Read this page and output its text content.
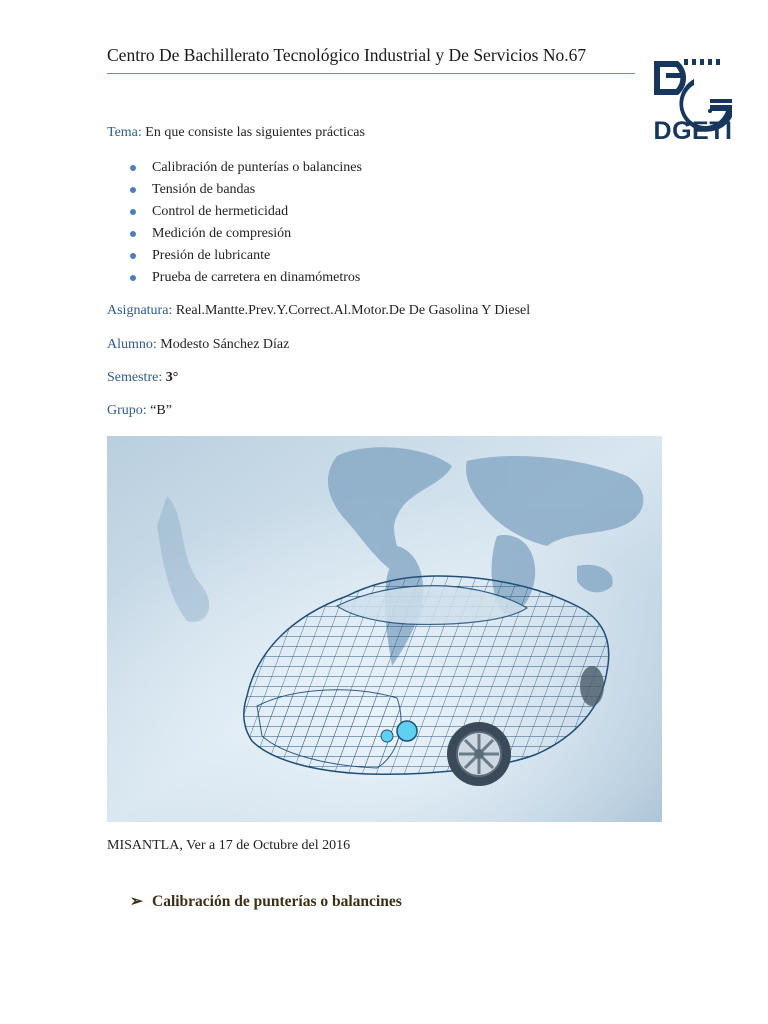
Centro De Bachillerato Tecnológico Industrial y De Servicios No.67
DGETI
Tema: En que consiste las siguientes prácticas
Calibración de punterías o balancines
Tensión de bandas
Control de hermeticidad
Medición de compresión
Presión de lubricante
Prueba de carretera en dinamómetros
Asignatura: Real.Mantte.Prev.Y.Correct.Al.Motor.De De Gasolina Y Diesel
Alumno: Modesto Sánchez Díaz
Semestre: 3°
Grupo: “B”
MISANTLA, Ver a 17 de Octubre del 2016
➢ Calibración de punterías o balancines
